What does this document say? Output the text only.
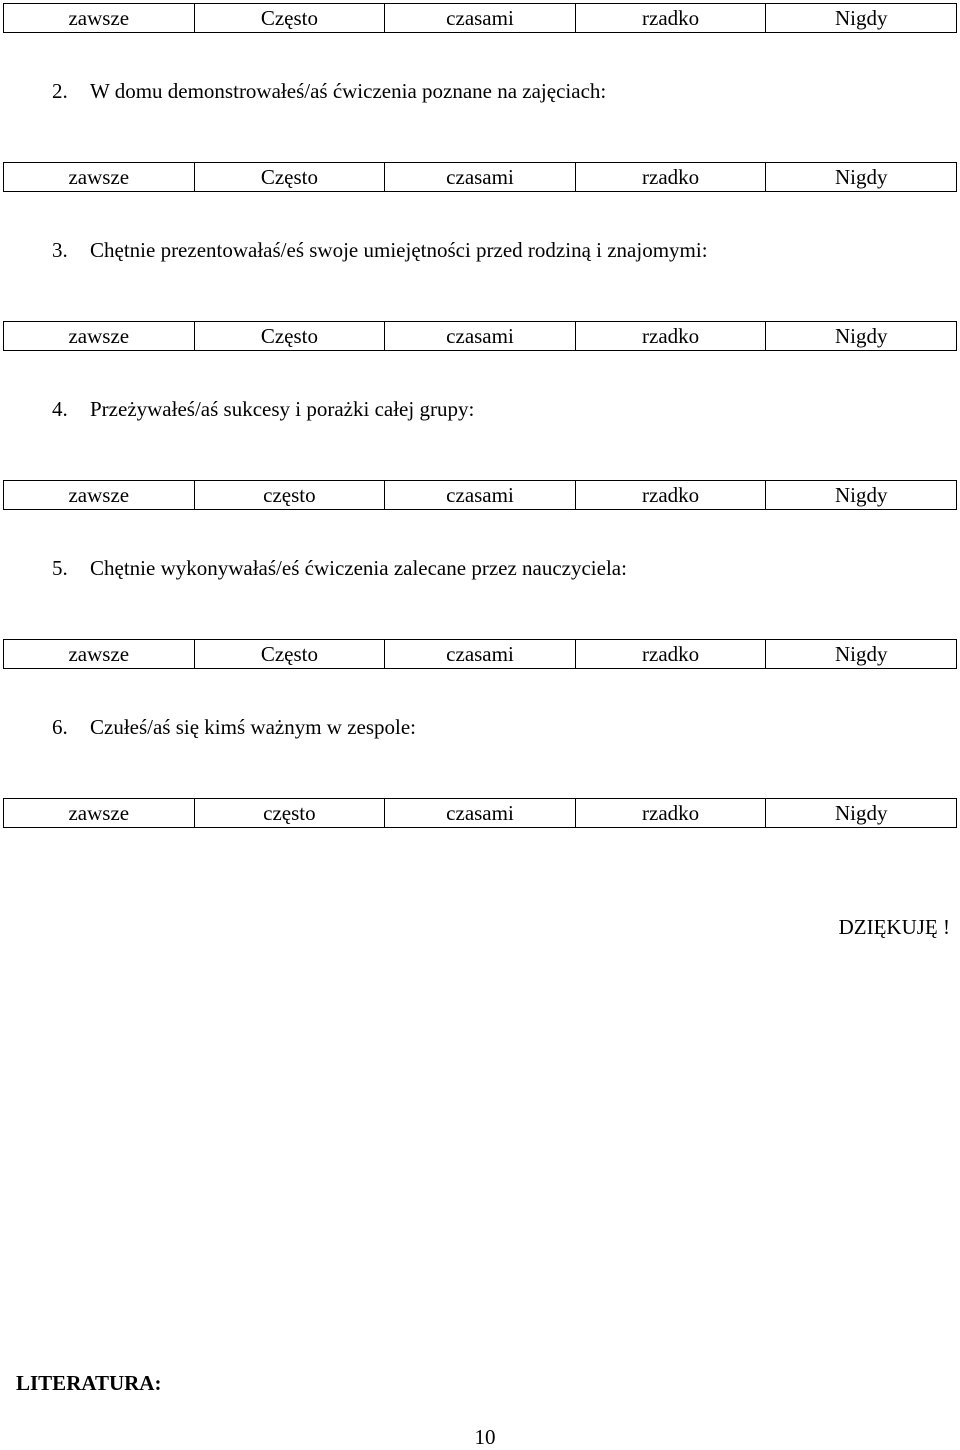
zawsze	Często	czasami	rzadko	Nigdy

2. W domu demonstrowałeś/aś ćwiczenia poznane na zajęciach:

zawsze	Często	czasami	rzadko	Nigdy

3. Chętnie prezentowałaś/eś swoje umiejętności przed rodziną i znajomymi:

zawsze	Często	czasami	rzadko	Nigdy

4. Przeżywałeś/aś sukcesy i porażki całej grupy:

zawsze	często	czasami	rzadko	Nigdy

5. Chętnie wykonywałaś/eś ćwiczenia zalecane przez nauczyciela:

zawsze	Często	czasami	rzadko	Nigdy

6. Czułeś/aś się kimś ważnym w zespole:

zawsze	często	czasami	rzadko	Nigdy

DZIĘKUJĘ !

LITERATURA:

10
